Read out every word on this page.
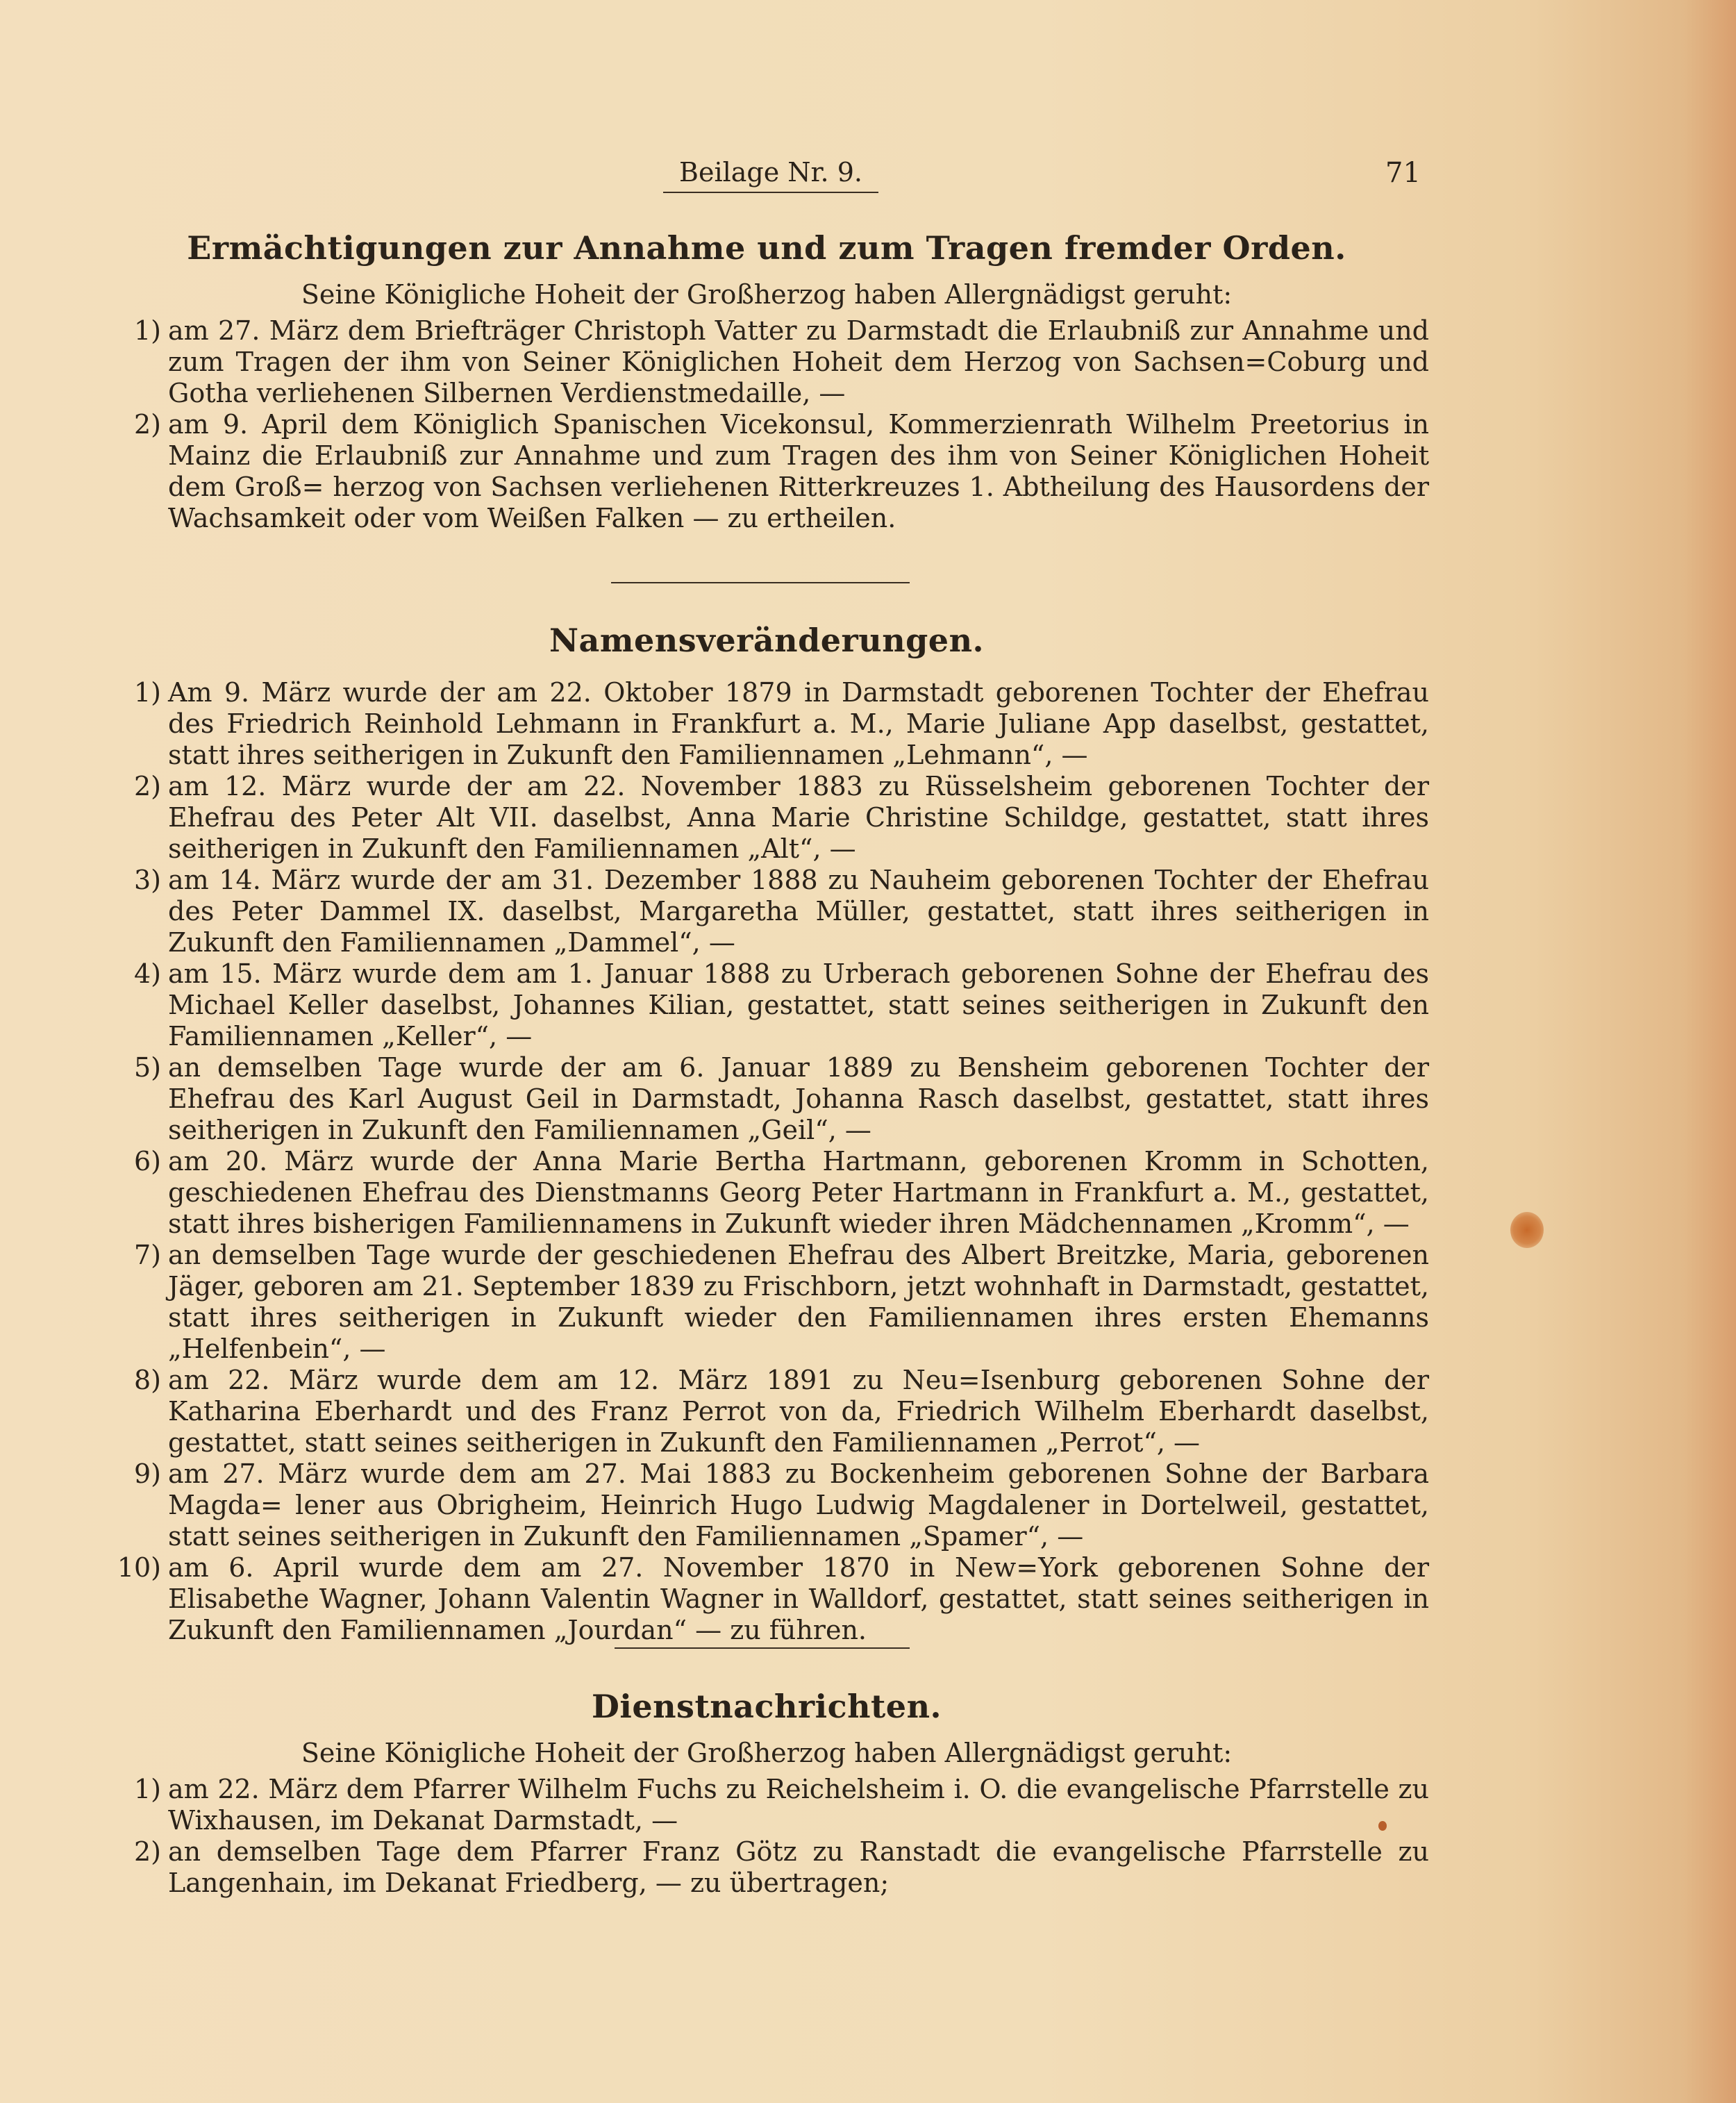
Beilage Nr. 9.	71
Ermächtigungen zur Annahme und zum Tragen fremder Orden.

Seine Königliche Hoheit der Großherzog haben Allergnädigst geruht:

1) am 27. März dem Briefträger Christoph Vatter zu Darmstadt die Erlaubniß zur Annahme und zum Tragen der ihm von Seiner Königlichen Hoheit dem Herzog von Sachsen=Coburg und Gotha verliehenen Silbernen Verdienstmedaille, —
2) am 9. April dem Königlich Spanischen Vicekonsul, Kommerzienrath Wilhelm Preetorius in Mainz die Erlaubniß zur Annahme und zum Tragen des ihm von Seiner Königlichen Hoheit dem Groß= herzog von Sachsen verliehenen Ritterkreuzes 1. Abtheilung des Hausordens der Wachsamkeit oder vom Weißen Falken — zu ertheilen.
Namensveränderungen.
1) Am 9. März wurde der am 22. Oktober 1879 in Darmstadt geborenen Tochter der Ehefrau des Friedrich Reinhold Lehmann in Frankfurt a. M., Marie Juliane App daselbst, gestattet, statt ihres seitherigen in Zukunft den Familiennamen „Lehmann“, —
2) am 12. März wurde der am 22. November 1883 zu Rüsselsheim geborenen Tochter der Ehefrau des Peter Alt VII. daselbst, Anna Marie Christine Schildge, gestattet, statt ihres seitherigen in Zukunft den Familiennamen „Alt“, —
3) am 14. März wurde der am 31. Dezember 1888 zu Nauheim geborenen Tochter der Ehefrau des Peter Dammel IX. daselbst, Margaretha Müller, gestattet, statt ihres seitherigen in Zukunft den Familiennamen „Dammel“, —
4) am 15. März wurde dem am 1. Januar 1888 zu Urberach geborenen Sohne der Ehefrau des Michael Keller daselbst, Johannes Kilian, gestattet, statt seines seitherigen in Zukunft den Familiennamen „Keller“, —
5) an demselben Tage wurde der am 6. Januar 1889 zu Bensheim geborenen Tochter der Ehefrau des Karl August Geil in Darmstadt, Johanna Rasch daselbst, gestattet, statt ihres seitherigen in Zukunft den Familiennamen „Geil“, —
6) am 20. März wurde der Anna Marie Bertha Hartmann, geborenen Kromm in Schotten, geschiedenen Ehefrau des Dienstmanns Georg Peter Hartmann in Frankfurt a. M., gestattet, statt ihres bisherigen Familiennamens in Zukunft wieder ihren Mädchennamen „Kromm“, —
7) an demselben Tage wurde der geschiedenen Ehefrau des Albert Breitzke, Maria, geborenen Jäger, geboren am 21. September 1839 zu Frischborn, jetzt wohnhaft in Darmstadt, gestattet, statt ihres seitherigen in Zukunft wieder den Familiennamen ihres ersten Ehemanns „Helfenbein“, —
8) am 22. März wurde dem am 12. März 1891 zu Neu=Isenburg geborenen Sohne der Katharina Eberhardt und des Franz Perrot von da, Friedrich Wilhelm Eberhardt daselbst, gestattet, statt seines seitherigen in Zukunft den Familiennamen „Perrot“, —
9) am 27. März wurde dem am 27. Mai 1883 zu Bockenheim geborenen Sohne der Barbara Magda= lener aus Obrigheim, Heinrich Hugo Ludwig Magdalener in Dortelweil, gestattet, statt seines seitherigen in Zukunft den Familiennamen „Spamer“, —
10) am 6. April wurde dem am 27. November 1870 in New=York geborenen Sohne der Elisabethe Wagner, Johann Valentin Wagner in Walldorf, gestattet, statt seines seitherigen in Zukunft den Familiennamen „Jourdan“ — zu führen.
Dienstnachrichten.

Seine Königliche Hoheit der Großherzog haben Allergnädigst geruht:

1) am 22. März dem Pfarrer Wilhelm Fuchs zu Reichelsheim i. O. die evangelische Pfarrstelle zu Wixhausen, im Dekanat Darmstadt, —
2) an demselben Tage dem Pfarrer Franz Götz zu Ranstadt die evangelische Pfarrstelle zu Langenhain, im Dekanat Friedberg, — zu übertragen;
